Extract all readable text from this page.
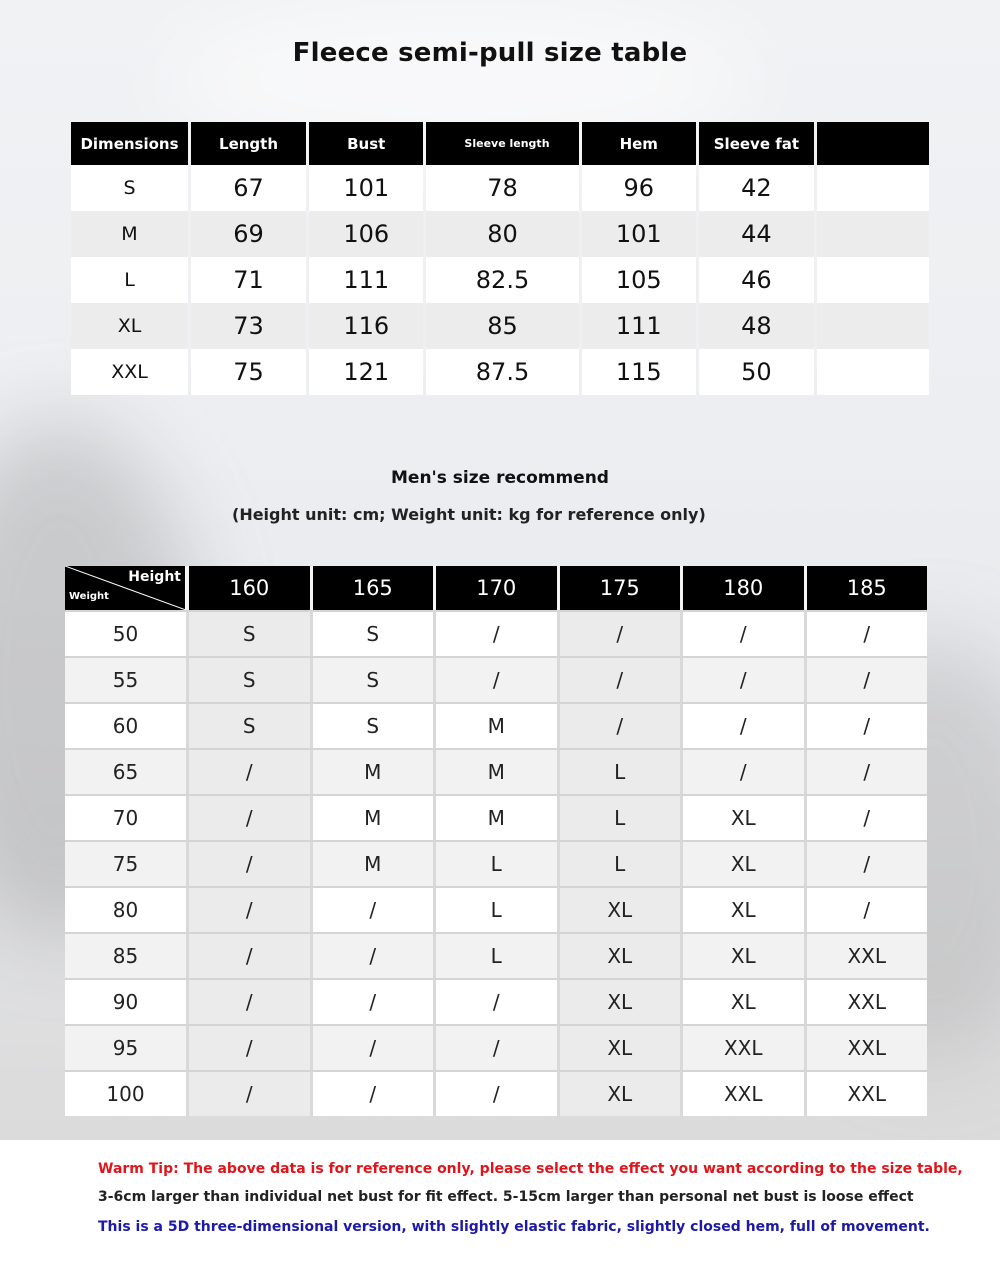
Fleece semi-pull size table
Dimensions	Length	Bust	Sleeve length	Hem	Sleeve fat	
S	67	101	78	96	42	
M	69	106	80	101	44	
L	71	111	82.5	105	46	
XL	73	116	85	111	48	
XXL	75	121	87.5	115	50	
Men's size recommend
(Height unit: cm; Weight unit: kg for reference only)
Height
Weight	160	165	170	175	180	185
50	S	S	/	/	/	/
55	S	S	/	/	/	/
60	S	S	M	/	/	/
65	/	M	M	L	/	/
70	/	M	M	L	XL	/
75	/	M	L	L	XL	/
80	/	/	L	XL	XL	/
85	/	/	L	XL	XL	XXL
90	/	/	/	XL	XL	XXL
95	/	/	/	XL	XXL	XXL
100	/	/	/	XL	XXL	XXL
Warm Tip: The above data is for reference only, please select the effect you want according to the size table,
3-6cm larger than individual net bust for fit effect. 5-15cm larger than personal net bust is loose effect
This is a 5D three-dimensional version, with slightly elastic fabric, slightly closed hem, full of movement.
